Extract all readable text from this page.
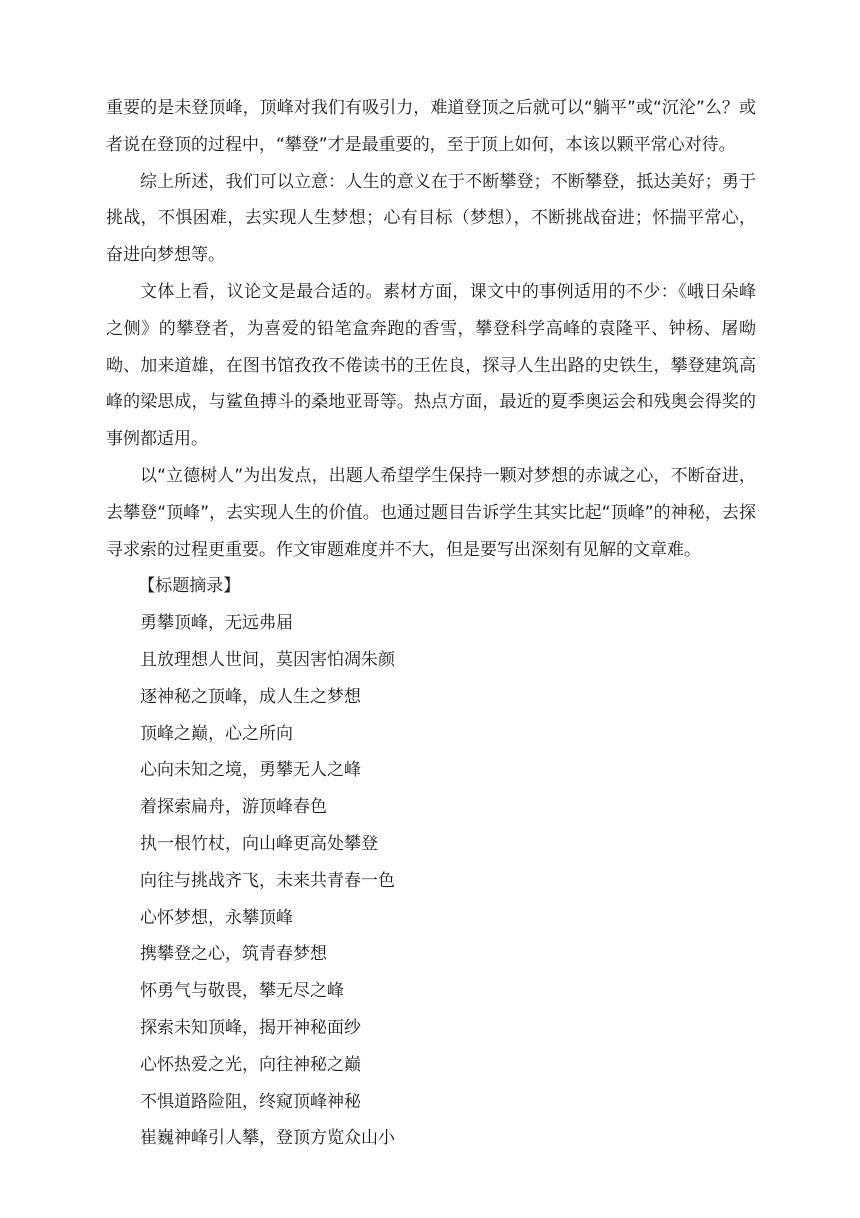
重要的是未登顶峰，顶峰对我们有吸引力，难道登顶之后就可以“躺平”或“沉沦”么？或者说在登顶的过程中，“攀登”才是最重要的，至于顶上如何，本该以颗平常心对待。

综上所述，我们可以立意：人生的意义在于不断攀登；不断攀登，抵达美好；勇于挑战，不惧困难，去实现人生梦想；心有目标（梦想），不断挑战奋进；怀揣平常心，奋进向梦想等。

文体上看，议论文是最合适的。素材方面，课文中的事例适用的不少：《峨日朵峰之侧》的攀登者，为喜爱的铅笔盒奔跑的香雪，攀登科学高峰的袁隆平、钟杨、屠呦呦、加来道雄，在图书馆孜孜不倦读书的王佐良，探寻人生出路的史铁生，攀登建筑高峰的梁思成，与鲨鱼搏斗的桑地亚哥等。热点方面，最近的夏季奥运会和残奥会得奖的事例都适用。

以“立德树人”为出发点，出题人希望学生保持一颗对梦想的赤诚之心，不断奋进，去攀登“顶峰”，去实现人生的价值。也通过题目告诉学生其实比起“顶峰”的神秘，去探寻求索的过程更重要。作文审题难度并不大，但是要写出深刻有见解的文章难。

【标题摘录】

勇攀顶峰，无远弗届
且放理想人世间，莫因害怕凋朱颜
逐神秘之顶峰，成人生之梦想
顶峰之巅，心之所向
心向未知之境，勇攀无人之峰
着探索扁舟，游顶峰春色
执一根竹杖，向山峰更高处攀登
向往与挑战齐飞，未来共青春一色
心怀梦想，永攀顶峰
携攀登之心，筑青春梦想
怀勇气与敬畏，攀无尽之峰
探索未知顶峰，揭开神秘面纱
心怀热爱之光，向往神秘之巅
不惧道路险阻，终窥顶峰神秘
崔巍神峰引人攀，登顶方览众山小
